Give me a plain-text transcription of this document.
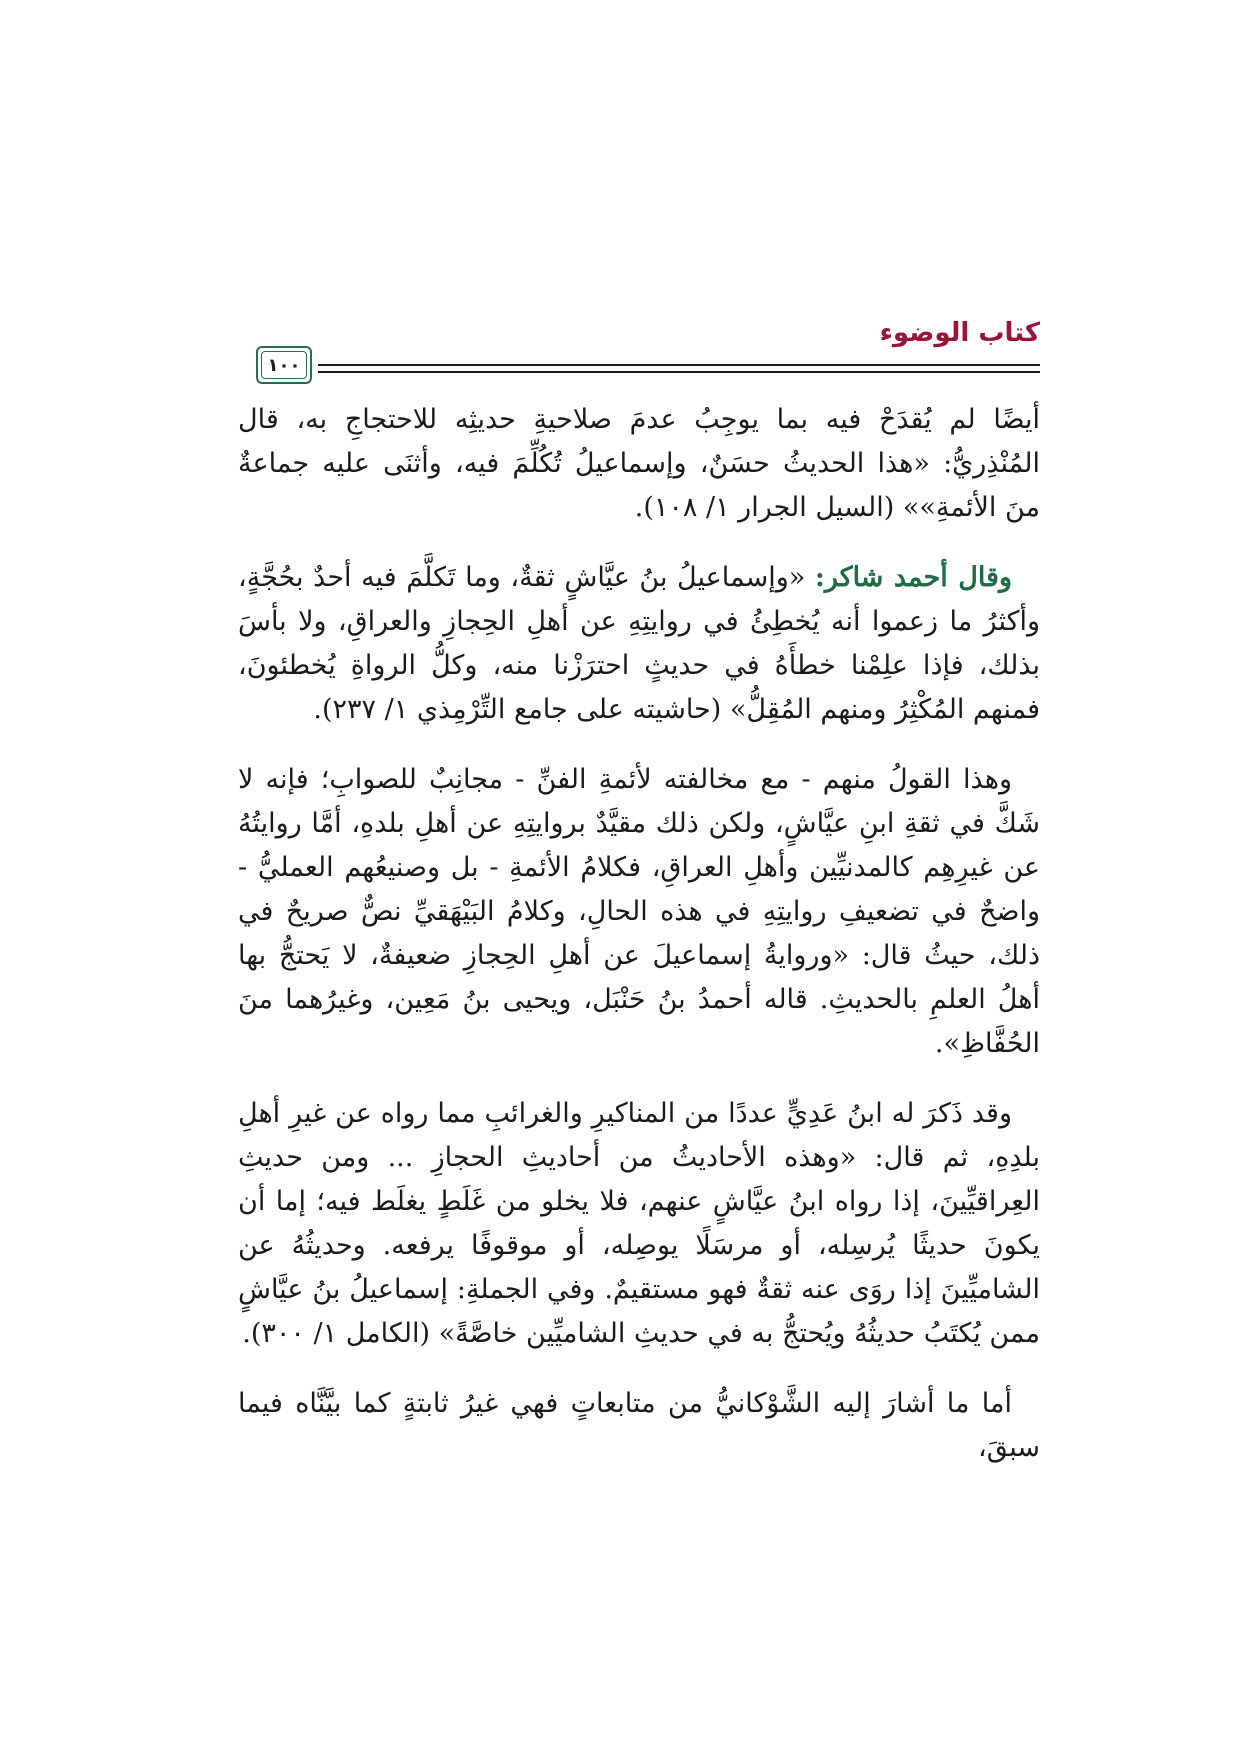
كتاب الوضوء
١٠٠

أيضًا لم يُقدَحْ فيه بما يوجِبُ عدمَ صلاحيةِ حديثِه للاحتجاجِ به، قال المُنْذِريُّ: «هذا الحديثُ حسَنٌ، وإسماعيلُ تُكُلِّمَ فيه، وأثنَى عليه جماعةٌ منَ الأئمةِ»» (السيل الجرار ١/ ١٠٨).

وقال أحمد شاكر: «وإسماعيلُ بنُ عيَّاشٍ ثقةٌ، وما تَكلَّمَ فيه أحدٌ بحُجَّةٍ، وأكثرُ ما زعموا أنه يُخطِئُ في روايتِهِ عن أهلِ الحِجازِ والعراقِ، ولا بأسَ بذلك، فإذا علِمْنا خطأَهُ في حديثٍ احترَزْنا منه، وكلُّ الرواةِ يُخطئونَ، فمنهم المُكْثِرُ ومنهم المُقِلُّ» (حاشيته على جامع التِّرْمِذي ١/ ٢٣٧).

وهذا القولُ منهم - مع مخالفته لأئمةِ الفنِّ - مجانِبٌ للصوابِ؛ فإنه لا شَكَّ في ثقةِ ابنِ عيَّاشٍ، ولكن ذلك مقيَّدٌ بروايتِهِ عن أهلِ بلدهِ، أمَّا روايتُهُ عن غيرِهِم كالمدنيِّين وأهلِ العراقِ، فكلامُ الأئمةِ - بل وصنيعُهم العمليُّ - واضحٌ في تضعيفِ روايتِهِ في هذه الحالِ، وكلامُ البَيْهَقيِّ نصٌّ صريحٌ في ذلك، حيثُ قال: «وروايةُ إسماعيلَ عن أهلِ الحِجازِ ضعيفةٌ، لا يَحتجُّ بها أهلُ العلمِ بالحديثِ. قاله أحمدُ بنُ حَنْبَل، ويحيى بنُ مَعِين، وغيرُهما منَ الحُفَّاظِ».

وقد ذَكرَ له ابنُ عَدِيٍّ عددًا من المناكيرِ والغرائبِ مما رواه عن غيرِ أهلِ بلدِهِ، ثم قال: «وهذه الأحاديثُ من أحاديثِ الحجازِ ... ومن حديثِ العِراقيِّينَ، إذا رواه ابنُ عيَّاشٍ عنهم، فلا يخلو من غَلَطٍ يغلَط فيه؛ إما أن يكونَ حديثًا يُرسِله، أو مرسَلًا يوصِله، أو موقوفًا يرفعه. وحديثُهُ عن الشاميِّينَ إذا روَى عنه ثقةٌ فهو مستقيمٌ. وفي الجملةِ: إسماعيلُ بنُ عيَّاشٍ ممن يُكتَبُ حديثُهُ ويُحتجُّ به في حديثِ الشاميِّين خاصَّةً» (الكامل ١/ ٣٠٠).

أما ما أشارَ إليه الشَّوْكانيُّ من متابعاتٍ فهي غيرُ ثابتةٍ كما بيَّنَّاه فيما سبقَ،
